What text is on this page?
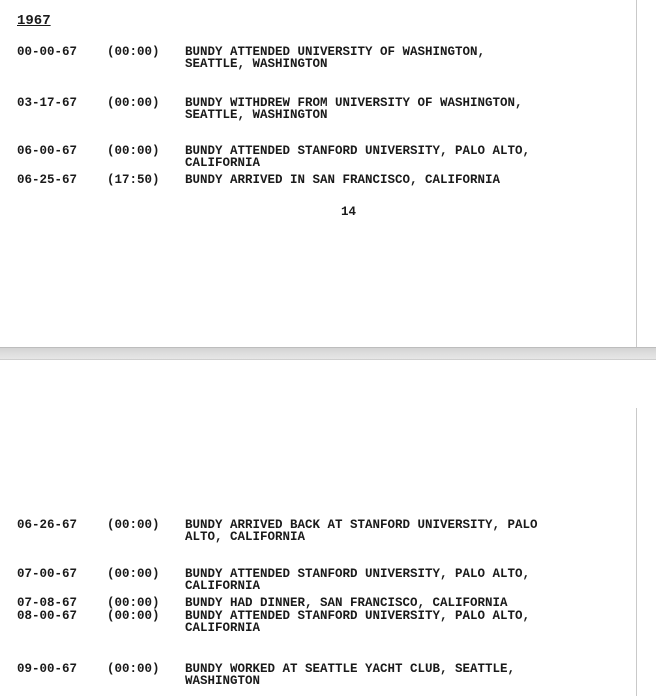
1967

00-00-67

(00:00)

BUNDY ATTENDED UNIVERSITY OF WASHINGTON,
SEATTLE, WASHINGTON

03-17-67

(00:00)

BUNDY WITHDREW FROM UNIVERSITY OF WASHINGTON,
SEATTLE, WASHINGTON

06-00-67

(00:00)

BUNDY ATTENDED STANFORD UNIVERSITY, PALO ALTO,
CALIFORNIA

06-25-67

(17:50)

BUNDY ARRIVED IN SAN FRANCISCO, CALIFORNIA

14

06-26-67

(00:00)

BUNDY ARRIVED BACK AT STANFORD UNIVERSITY, PALO
ALTO, CALIFORNIA

07-00-67

(00:00)

BUNDY ATTENDED STANFORD UNIVERSITY, PALO ALTO,
CALIFORNIA

07-08-67

(00:00)

BUNDY HAD DINNER, SAN FRANCISCO, CALIFORNIA

08-00-67

(00:00)

BUNDY ATTENDED STANFORD UNIVERSITY, PALO ALTO,
CALIFORNIA

09-00-67

(00:00)

BUNDY WORKED AT SEATTLE YACHT CLUB, SEATTLE,
WASHINGTON
